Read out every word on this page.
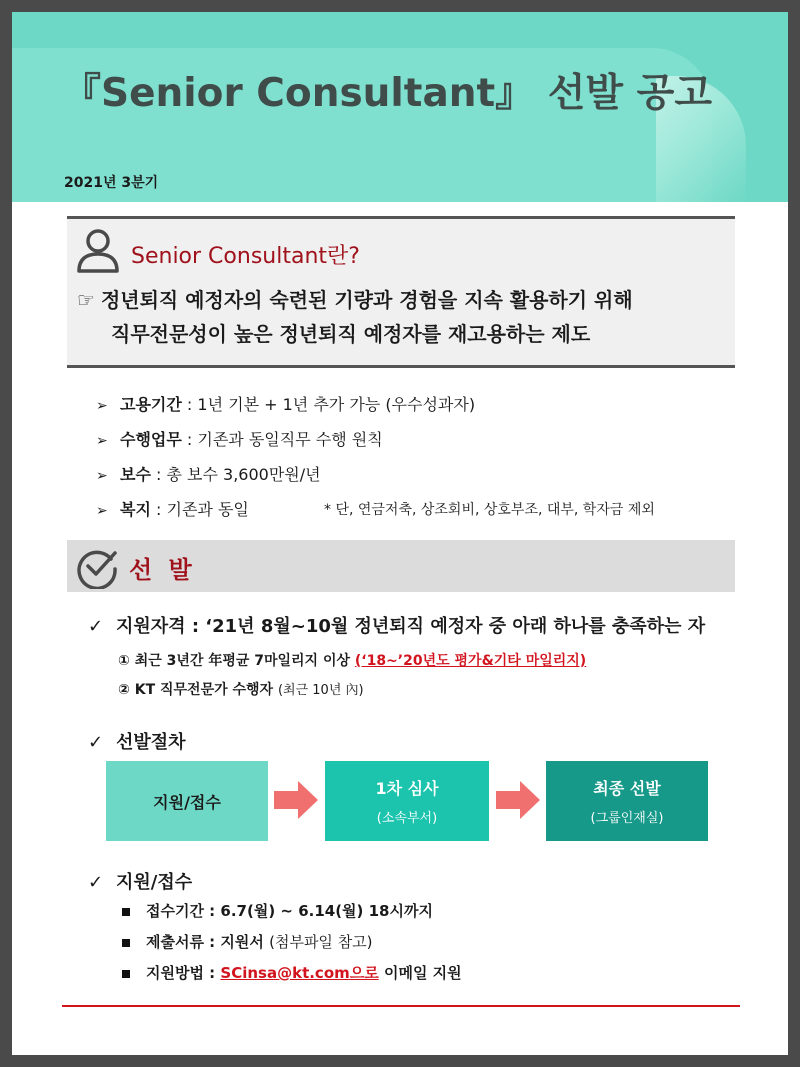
『Senior Consultant』 선발 공고
2021년 3분기
Senior Consultant란?
☞ 정년퇴직 예정자의 숙련된 기량과 경험을 지속 활용하기 위해
직무전문성이 높은 정년퇴직 예정자를 재고용하는 제도
➢ 고용기간 : 1년 기본 + 1년 추가 가능 (우수성과자)
➢ 수행업무 : 기존과 동일직무 수행 원칙
➢ 보수 : 총 보수 3,600만원/년
➢ 복지 : 기존과 동일	* 단, 연금저축, 상조회비, 상호부조, 대부, 학자금 제외
선 발
✓ 지원자격 : ‘21년 8월~10월 정년퇴직 예정자 중 아래 하나를 충족하는 자
① 최근 3년간 年평균 7마일리지 이상 (‘18~’20년도 평가&기타 마일리지)
② KT 직무전문가 수행자 (최근 10년 內)
✓ 선발절차
지원/접수
1차 심사
(소속부서)
최종 선발
(그룹인재실)
✓ 지원/접수
접수기간 : 6.7(월) ~ 6.14(월) 18시까지
제출서류 : 지원서 (첨부파일 참고)
지원방법 : SCinsa@kt.com으로 이메일 지원
